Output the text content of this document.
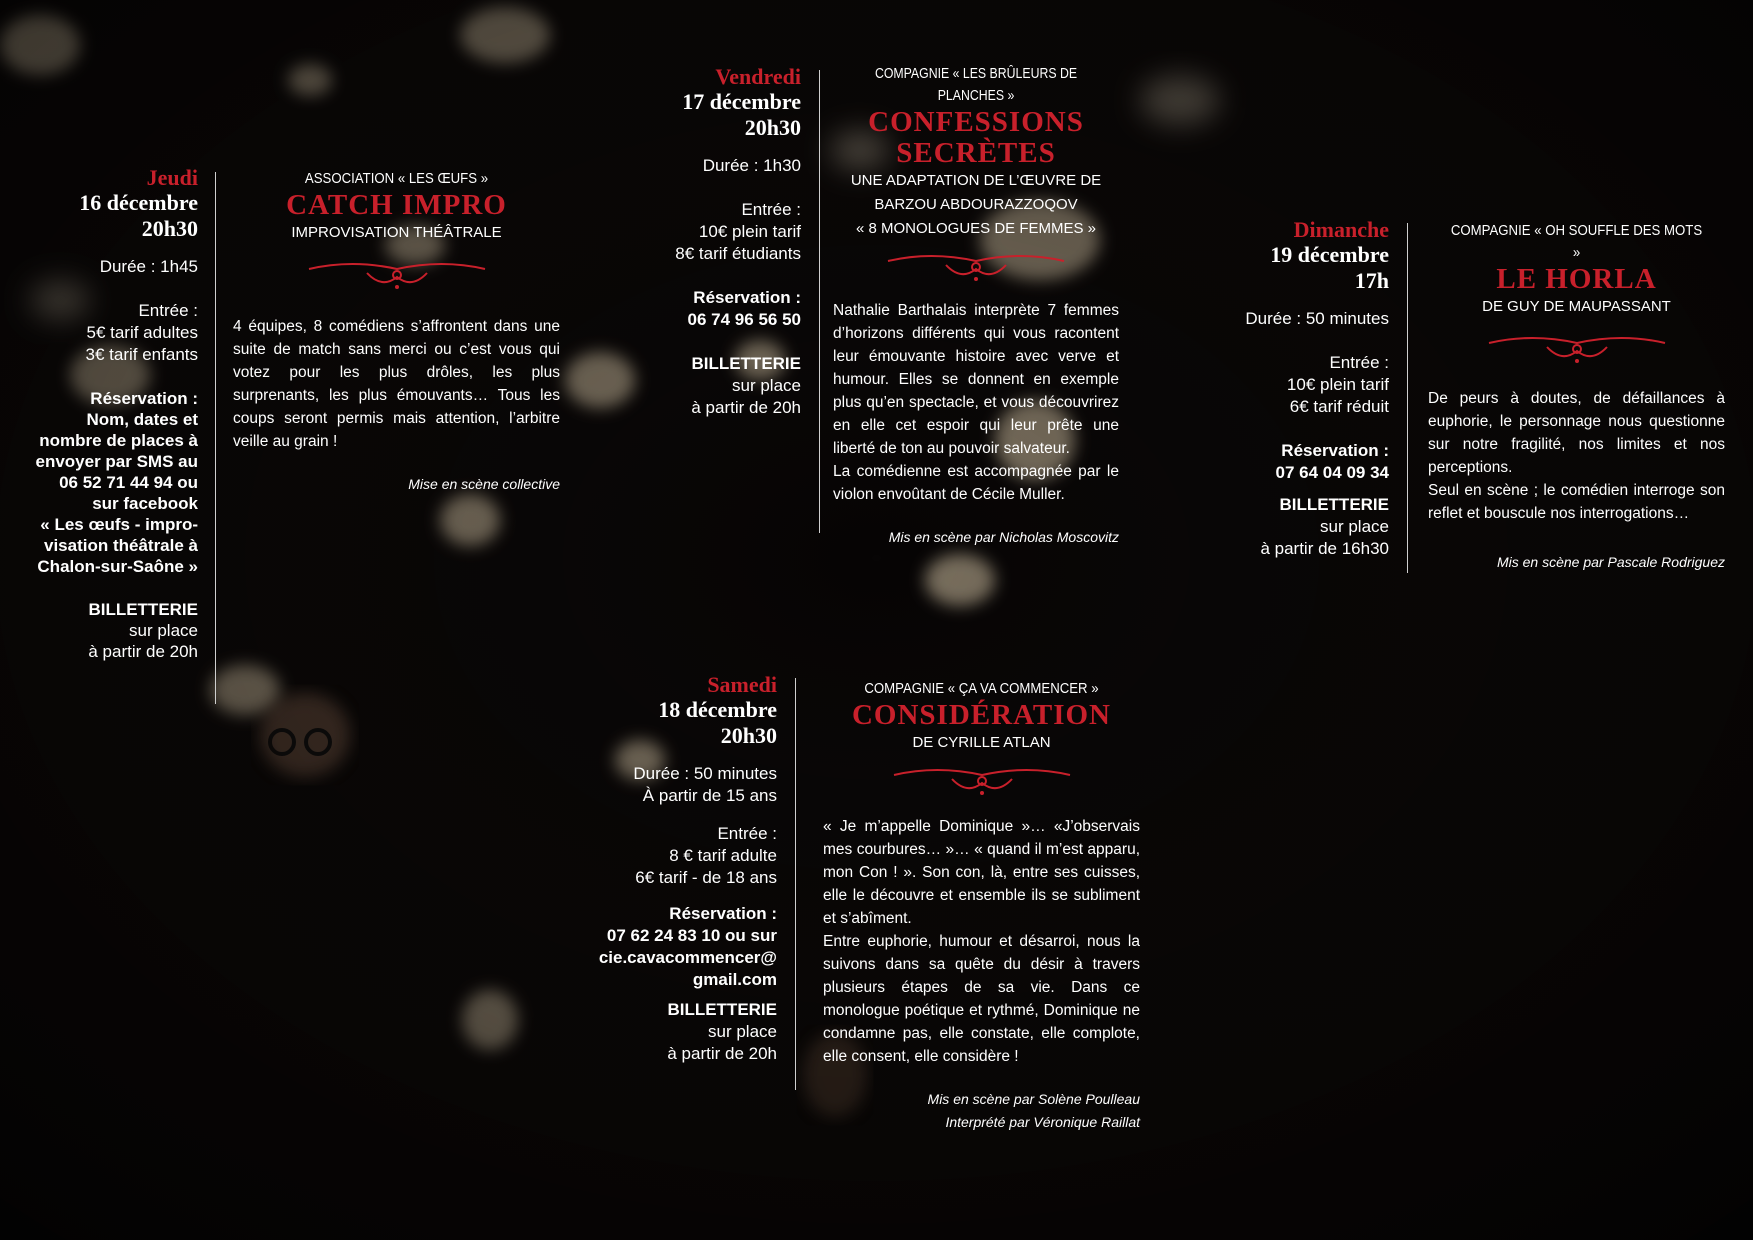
Jeudi
16 décembre
20h30

Durée : 1h45

Entrée :
5€ tarif adultes
3€ tarif enfants

Réservation :
Nom, dates et
nombre de places à
envoyer par SMS au
06 52 71 44 94 ou
sur facebook
« Les œufs - impro-
visation théâtrale à
Chalon-sur-Saône »

BILLETTERIE
sur place
à partir de 20h

ASSOCIATION « LES ŒUFS »
CATCH IMPRO
IMPROVISATION THÉÂTRALE

4 équipes, 8 comédiens s’affrontent dans une suite de match sans merci ou c’est vous qui votez pour les plus drôles, les plus surprenants, les plus émouvants… Tous les coups seront permis mais attention, l’arbitre veille au grain !

Mise en scène collective
Vendredi
17 décembre
20h30

Durée : 1h30

Entrée :
10€ plein tarif
8€ tarif étudiants

Réservation :
06 74 96 56 50

BILLETTERIE
sur place
à partir de 20h

COMPAGNIE « LES BRÛLEURS DE PLANCHES »
CONFESSIONS
SECRÈTES
UNE ADAPTATION DE L’ŒUVRE DE
BARZOU ABDOURAZZOQOV
« 8 MONOLOGUES DE FEMMES »

Nathalie Barthalais interprète 7 femmes d’horizons différents qui vous racontent leur émouvante histoire avec verve et humour. Elles se donnent en exemple plus qu’en spectacle, et vous découvrirez en elle cet espoir qui leur prête une liberté de ton au pouvoir salvateur.

La comédienne est accompagnée par le violon envoûtant de Cécile Muller.

Mis en scène par Nicholas Moscovitz
Samedi
18 décembre
20h30

Durée : 50 minutes
À partir de 15 ans

Entrée :
8 € tarif adulte
6€ tarif - de 18 ans

Réservation :
07 62 24 83 10 ou sur
cie.cavacommencer@
gmail.com

BILLETTERIE
sur place
à partir de 20h

COMPAGNIE « ÇA VA COMMENCER »
CONSIDÉRATION
DE CYRILLE ATLAN

« Je m’appelle Dominique »… «J’observais mes courbures… »… « quand il m’est apparu, mon Con ! ». Son con, là, entre ses cuisses, elle le découvre et ensemble ils se subliment et s’abîment.

Entre euphorie, humour et désarroi, nous la suivons dans sa quête du désir à travers plusieurs étapes de sa vie. Dans ce monologue poétique et rythmé, Dominique ne condamne pas, elle constate, elle complote, elle consent, elle considère !

Mis en scène par Solène Poulleau
Interprété par Véronique Raillat
Dimanche
19 décembre
17h

Durée : 50 minutes

Entrée :
10€ plein tarif
6€ tarif réduit

Réservation :
07 64 04 09 34

BILLETTERIE
sur place
à partir de 16h30

COMPAGNIE « OH SOUFFLE DES MOTS »
LE HORLA
DE GUY DE MAUPASSANT

De peurs à doutes, de défaillances à euphorie, le personnage nous questionne sur notre fragilité, nos limites et nos perceptions.

Seul en scène ; le comédien interroge son reflet et bouscule nos interrogations…

Mis en scène par Pascale Rodriguez
